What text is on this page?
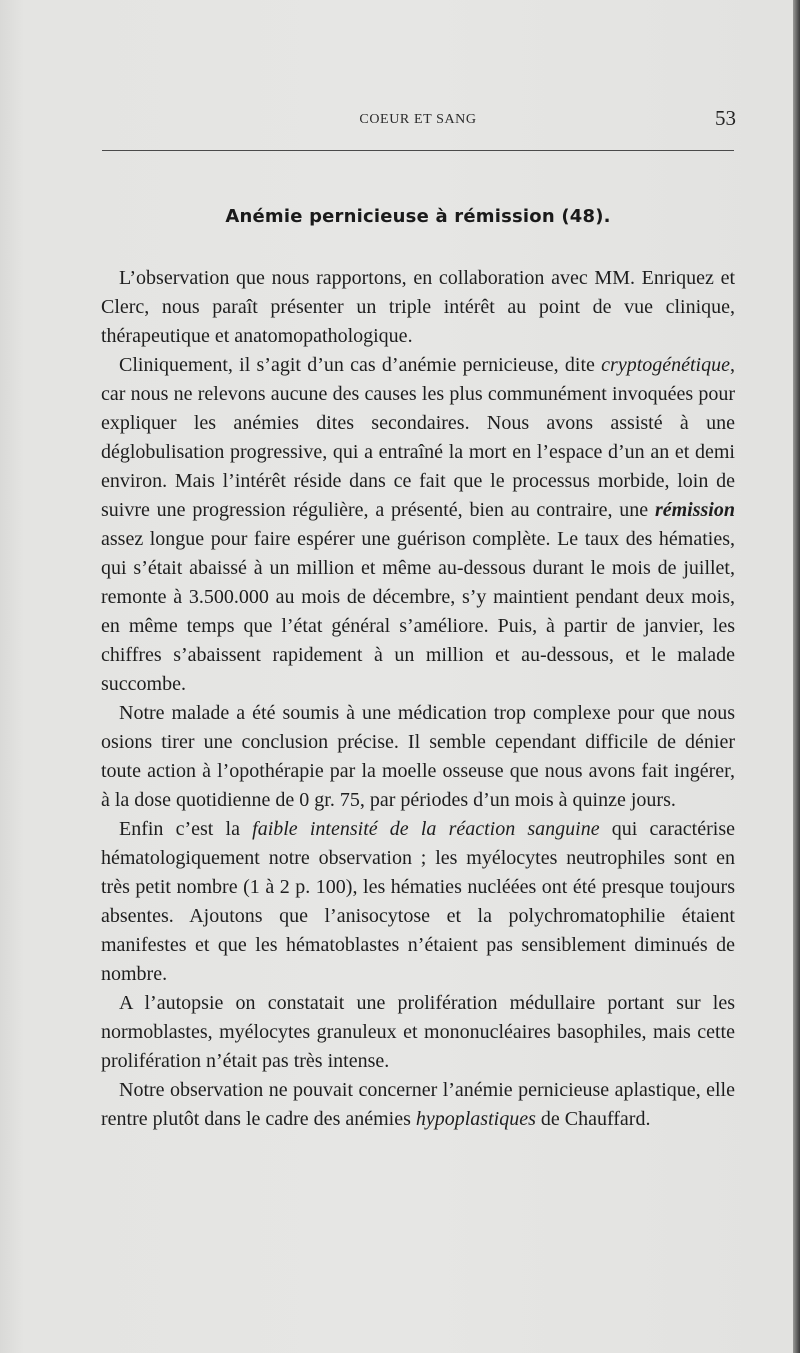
COEUR ET SANG	53
Anémie pernicieuse à rémission (48).

L’observation que nous rapportons, en collaboration avec MM. Enriquez et Clerc, nous paraît présenter un triple intérêt au point de vue clinique, thérapeutique et anatomopathologique.

Cliniquement, il s’agit d’un cas d’anémie pernicieuse, dite cryptogénétique, car nous ne relevons aucune des causes les plus communément invoquées pour expliquer les anémies dites secondaires. Nous avons assisté à une déglobulisation progressive, qui a entraîné la mort en l’espace d’un an et demi environ. Mais l’intérêt réside dans ce fait que le processus morbide, loin de suivre une progression régulière, a présenté, bien au contraire, une rémission assez longue pour faire espérer une guérison complète. Le taux des hématies, qui s’était abaissé à un million et même au-dessous durant le mois de juillet, remonte à 3.500.000 au mois de décembre, s’y maintient pendant deux mois, en même temps que l’état général s’améliore. Puis, à partir de janvier, les chiffres s’abaissent rapidement à un million et au-dessous, et le malade succombe.

Notre malade a été soumis à une médication trop complexe pour que nous osions tirer une conclusion précise. Il semble cependant difficile de dénier toute action à l’opothérapie par la moelle osseuse que nous avons fait ingérer, à la dose quotidienne de 0 gr. 75, par périodes d’un mois à quinze jours.

Enfin c’est la faible intensité de la réaction sanguine qui caractérise hématologiquement notre observation ; les myélocytes neutrophiles sont en très petit nombre (1 à 2 p. 100), les hématies nucléées ont été presque toujours absentes. Ajoutons que l’anisocytose et la polychromatophilie étaient manifestes et que les hématoblastes n’étaient pas sensiblement diminués de nombre.

A l’autopsie on constatait une prolifération médullaire portant sur les normoblastes, myélocytes granuleux et mononucléaires basophiles, mais cette prolifération n’était pas très intense.

Notre observation ne pouvait concerner l’anémie pernicieuse aplastique, elle rentre plutôt dans le cadre des anémies hypoplastiques de Chauffard.
